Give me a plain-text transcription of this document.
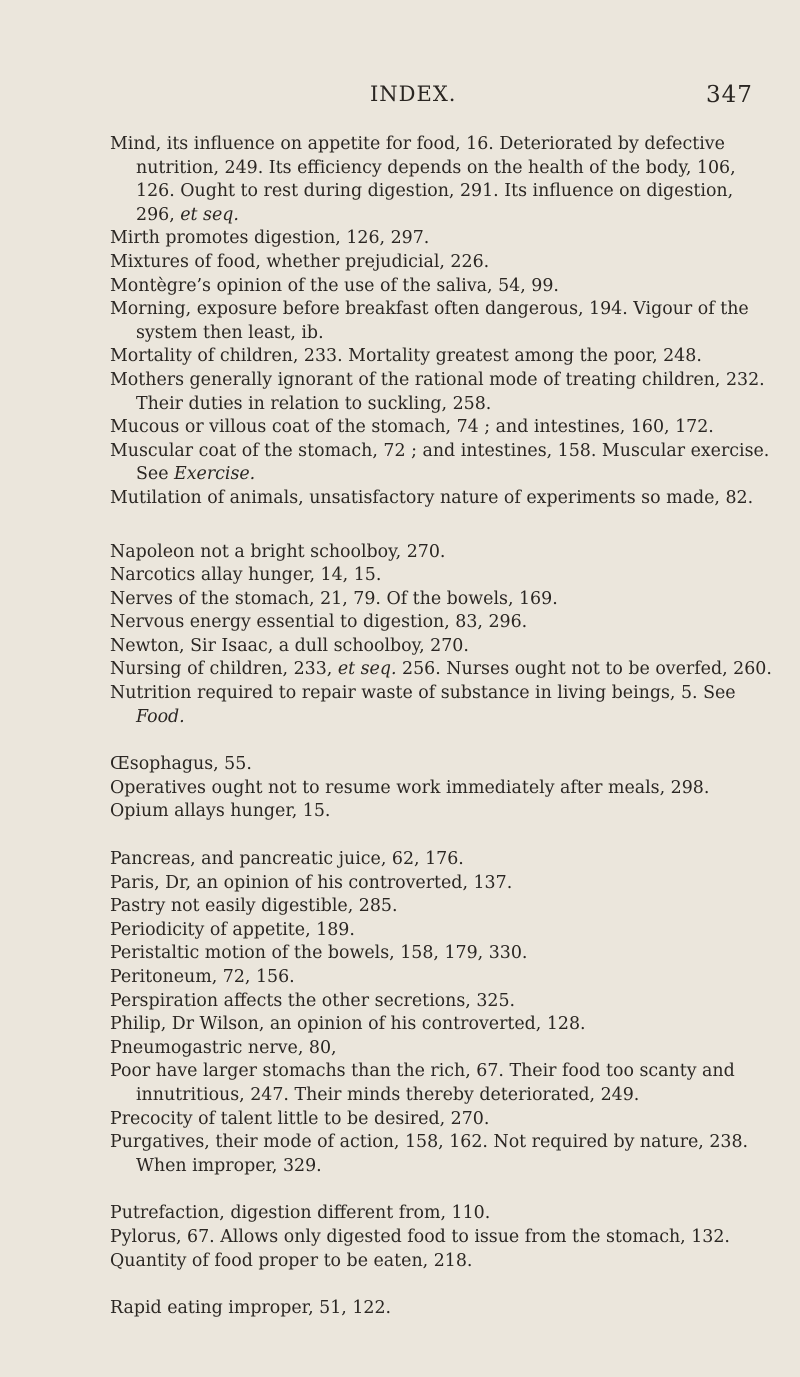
INDEX.	347
Mind, its influence on appetite for food, 16. Deteriorated by defective nutrition, 249. Its efficiency depends on the health of the body, 106, 126. Ought to rest during digestion, 291. Its influence on digestion, 296, et seq.
Mirth promotes digestion, 126, 297.
Mixtures of food, whether prejudicial, 226.
Montègre’s opinion of the use of the saliva, 54, 99.
Morning, exposure before breakfast often dangerous, 194. Vigour of the system then least, ib.
Mortality of children, 233. Mortality greatest among the poor, 248.
Mothers generally ignorant of the rational mode of treating children, 232. Their duties in relation to suckling, 258.
Mucous or villous coat of the stomach, 74 ; and intestines, 160, 172.
Muscular coat of the stomach, 72 ; and intestines, 158. Muscular exercise. See Exercise.
Mutilation of animals, unsatisfactory nature of experiments so made, 82.
Napoleon not a bright schoolboy, 270.
Narcotics allay hunger, 14, 15.
Nerves of the stomach, 21, 79. Of the bowels, 169.
Nervous energy essential to digestion, 83, 296.
Newton, Sir Isaac, a dull schoolboy, 270.
Nursing of children, 233, et seq. 256. Nurses ought not to be overfed, 260.
Nutrition required to repair waste of substance in living beings, 5. See Food.
Œsophagus, 55.
Operatives ought not to resume work immediately after meals, 298.
Opium allays hunger, 15.
Pancreas, and pancreatic juice, 62, 176.
Paris, Dr, an opinion of his controverted, 137.
Pastry not easily digestible, 285.
Periodicity of appetite, 189.
Peristaltic motion of the bowels, 158, 179, 330.
Peritoneum, 72, 156.
Perspiration affects the other secretions, 325.
Philip, Dr Wilson, an opinion of his controverted, 128.
Pneumogastric nerve, 80,
Poor have larger stomachs than the rich, 67. Their food too scanty and innutritious, 247. Their minds thereby deteriorated, 249.
Precocity of talent little to be desired, 270.
Purgatives, their mode of action, 158, 162. Not required by nature, 238. When improper, 329.
Putrefaction, digestion different from, 110.
Pylorus, 67. Allows only digested food to issue from the stomach, 132.
Quantity of food proper to be eaten, 218.
Rapid eating improper, 51, 122.
